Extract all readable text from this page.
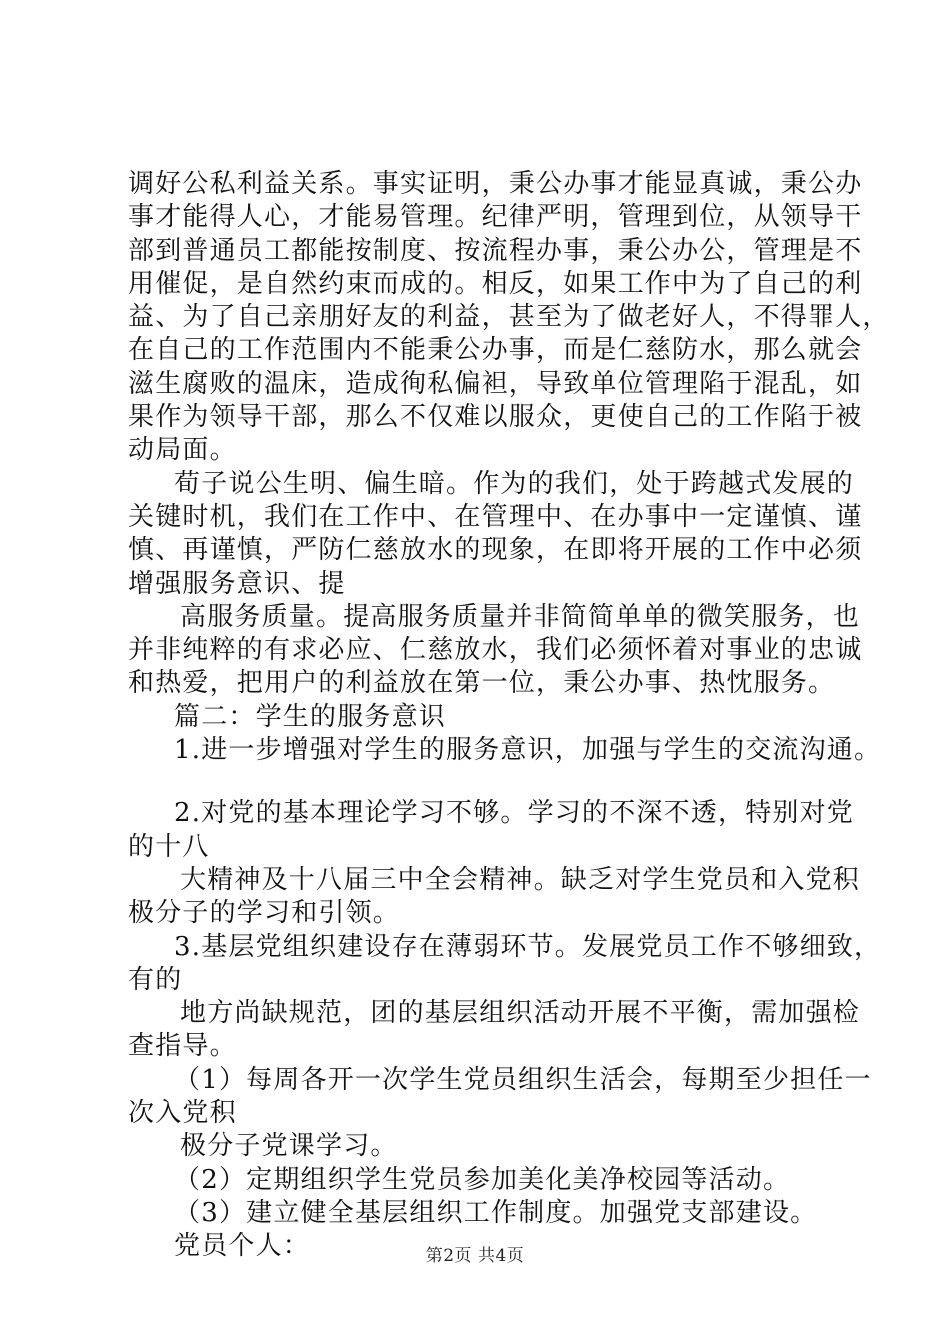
调好公私利益关系。事实证明，秉公办事才能显真诚，秉公办
事才能得人心，才能易管理。纪律严明，管理到位，从领导干
部到普通员工都能按制度、按流程办事，秉公办公，管理是不
用催促，是自然约束而成的。相反，如果工作中为了自己的利
益、为了自己亲朋好友的利益，甚至为了做老好人，不得罪人，
在自己的工作范围内不能秉公办事，而是仁慈防水，那么就会
滋生腐败的温床，造成徇私偏袒，导致单位管理陷于混乱，如
果作为领导干部，那么不仅难以服众，更使自己的工作陷于被
动局面。
荀子说公生明、偏生暗。作为的我们，处于跨越式发展的
关键时机，我们在工作中、在管理中、在办事中一定谨慎、谨
慎、再谨慎，严防仁慈放水的现象，在即将开展的工作中必须
增强服务意识、提
高服务质量。提高服务质量并非简简单单的微笑服务，也
并非纯粹的有求必应、仁慈放水，我们必须怀着对事业的忠诚
和热爱，把用户的利益放在第一位，秉公办事、热忱服务。
篇二：学生的服务意识
1.进一步增强对学生的服务意识，加强与学生的交流沟通。
2.对党的基本理论学习不够。学习的不深不透，特别对党
的十八
大精神及十八届三中全会精神。缺乏对学生党员和入党积
极分子的学习和引领。
3.基层党组织建设存在薄弱环节。发展党员工作不够细致，
有的
地方尚缺规范，团的基层组织活动开展不平衡，需加强检
查指导。
（1）每周各开一次学生党员组织生活会，每期至少担任一
次入党积
极分子党课学习。
（2）定期组织学生党员参加美化美净校园等活动。
（3）建立健全基层组织工作制度。加强党支部建设。
党员个人：	第2页 共4页
